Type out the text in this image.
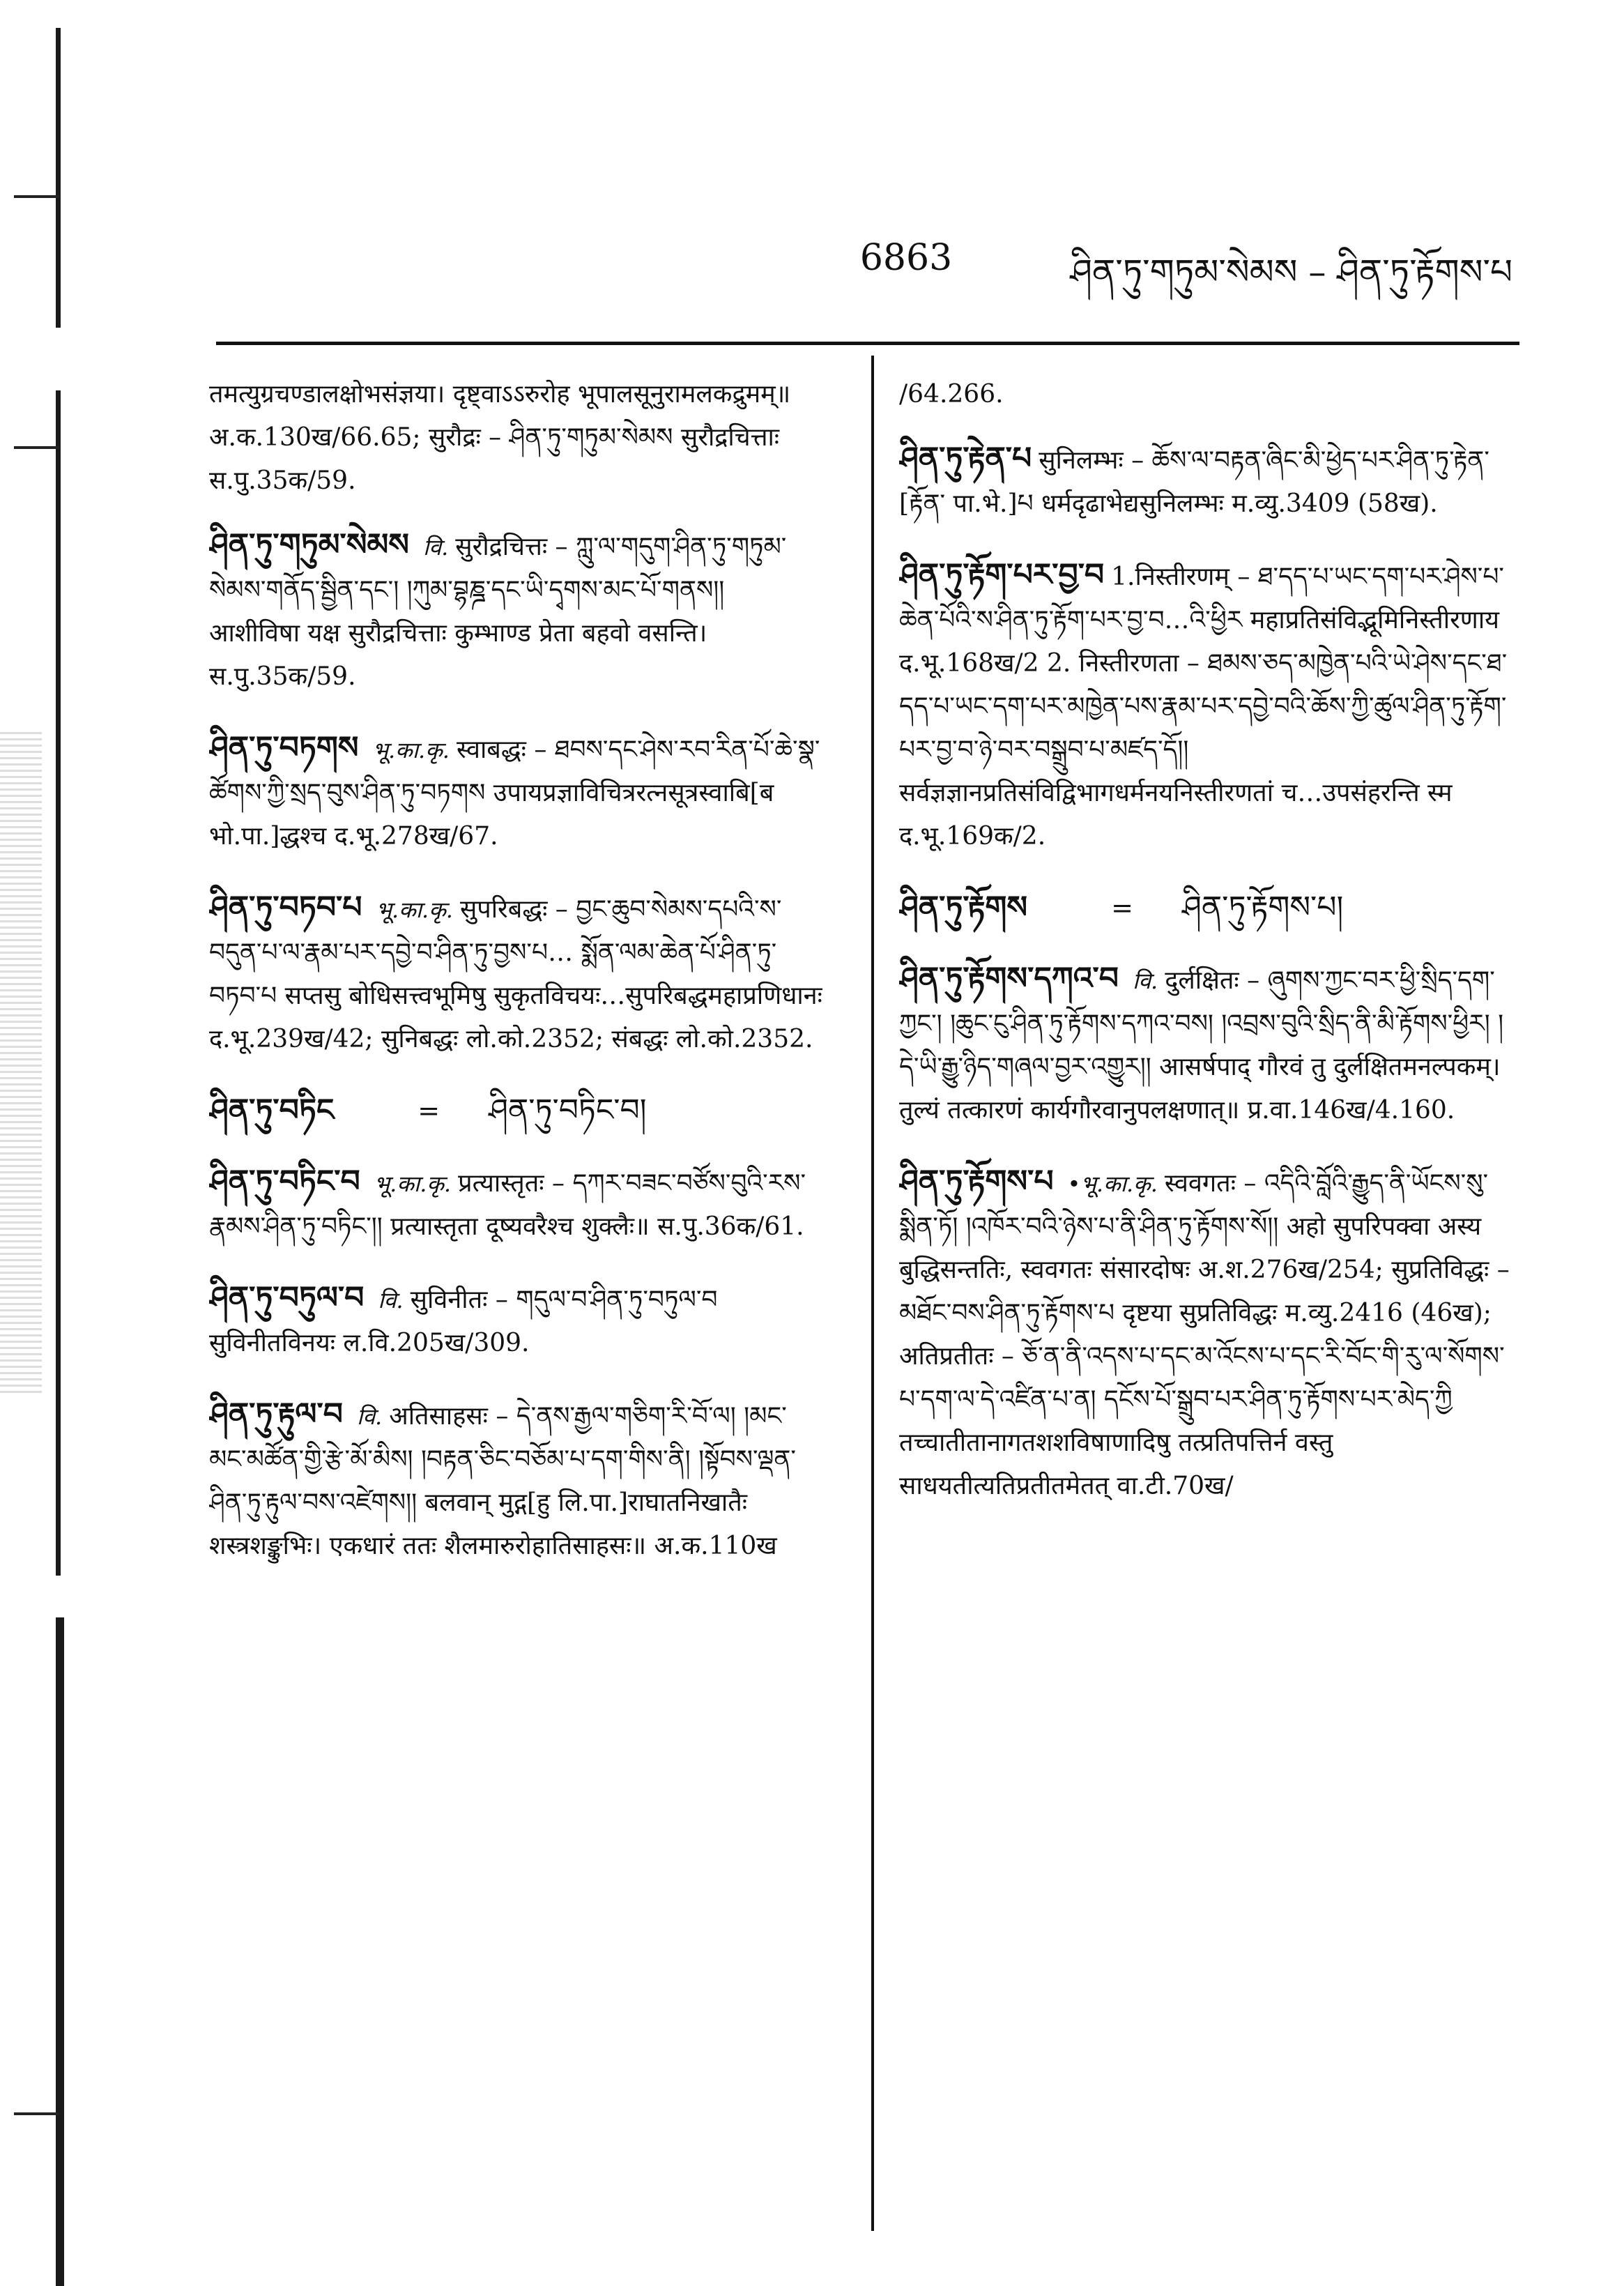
6863	ཤིན་ཏུ་གཏུམ་སེམས – ཤིན་ཏུ་རྟོགས་པ

तमत्युग्रचण्डालक्षोभसंज्ञया। दृष्ट्वाऽऽरुरोह भूपालसूनुरामलकद्रुमम्॥ अ.क.130ख/66.65; सुरौद्रः – ཤིན་ཏུ་གཏུམ་སེམས सुरौद्रचित्ताः स.पु.35क/59.

ཤིན་ཏུ་གཏུམ་སེམས वि. सुरौद्रचित्तः – ཀླུ་ལ་གདུག་ཤིན་ཏུ་གཏུམ་སེམས་གནོད་སྦྱིན་དང་། །ཀུམ་བྷཎྜ་དང་ཡི་དྭགས་མང་པོ་གནས།། आशीविषा यक्ष सुरौद्रचित्ताः कुम्भाण्ड प्रेता बहवो वसन्ति। स.पु.35क/59.

ཤིན་ཏུ་བཏགས भू.का.कृ. स्वाबद्धः – ཐབས་དང་ཤེས་རབ་རིན་པོ་ཆེ་སྣ་ཚོགས་ཀྱི་སྲད་བུས་ཤིན་ཏུ་བཏགས उपायप्रज्ञाविचित्ररत्नसूत्रस्वाबि[ब भो.पा.]द्धश्च द.भू.278ख/67.

ཤིན་ཏུ་བཏབ་པ भू.का.कृ. सुपरिबद्धः – བྱང་ཆུབ་སེམས་དཔའི་ས་བདུན་པ་ལ་རྣམ་པར་དབྱེ་བ་ཤིན་ཏུ་བྱས་པ… སྨོན་ལམ་ཆེན་པོ་ཤིན་ཏུ་བཏབ་པ सप्तसु बोधिसत्त्वभूमिषु सुकृतविचयः…सुपरिबद्धमहाप्रणिधानः द.भू.239ख/42; सुनिबद्धः लो.को.2352; संबद्धः लो.को.2352.

ཤིན་ཏུ་བཏིང	= ཤིན་ཏུ་བཏིང་བ།

ཤིན་ཏུ་བཏིང་བ भू.का.कृ. प्रत्यास्तृतः – དཀར་བཟང་བཙོས་བུའི་རས་རྣམས་ཤིན་ཏུ་བཏིང་།། प्रत्यास्तृता दूष्यवरैश्च शुक्लैः॥ स.पु.36क/61.

ཤིན་ཏུ་བཏུལ་བ वि. सुविनीतः – གདུལ་བ་ཤིན་ཏུ་བཏུལ་བ सुविनीतविनयः ल.वि.205ख/309.

ཤིན་ཏུ་རྟུལ་བ वि. अतिसाहसः – དེ་ནས་རྒྱལ་གཅིག་རི་བོ་ལ། །མང་མང་མཚོན་གྱི་རྩེ་མོ་མིས། །བརྟན་ཅིང་བཅོམ་པ་དག་གིས་ནི། །སྟོབས་ལྡན་ཤིན་ཏུ་རྟུལ་བས་འཛེགས།། बलवान् मुद्ग[हु लि.पा.]राघातनिखातैः शस्त्रशङ्कुभिः। एकधारं ततः शैलमारुरोहातिसाहसः॥ अ.क.110ख

/64.266.

ཤིན་ཏུ་རྟེན་པ सुनिलम्भः – ཆོས་ལ་བརྟན་ཞིང་མི་ཕྱེད་པར་ཤིན་ཏུ་རྟེན་[རྟོན་ पा.भे.]པ धर्मदृढाभेद्यसुनिलम्भः म.व्यु.3409 (58ख).

ཤིན་ཏུ་རྟོག་པར་བྱ་བ 1.निस्तीरणम् – ཐ་དད་པ་ཡང་དག་པར་ཤེས་པ་ཆེན་པོའི་ས་ཤིན་ཏུ་རྟོག་པར་བྱ་བ…འི་ཕྱིར महाप्रतिसंविद्भूमिनिस्तीरणाय द.भू.168ख/2 2. निस्तीरणता – ཐམས་ཅད་མཁྱེན་པའི་ཡེ་ཤེས་དང་ཐ་དད་པ་ཡང་དག་པར་མཁྱེན་པས་རྣམ་པར་དབྱེ་བའི་ཆོས་ཀྱི་ཚུལ་ཤིན་ཏུ་རྟོག་པར་བྱ་བ་ཉེ་བར་བསྒྲུབ་པ་མཛད་དོ།། सर्वज्ञज्ञानप्रतिसंविद्विभागधर्मनयनिस्तीरणतां च…उपसंहरन्ति स्म द.भू.169क/2.

ཤིན་ཏུ་རྟོགས	= ཤིན་ཏུ་རྟོགས་པ།

ཤིན་ཏུ་རྟོགས་དཀའ་བ वि. दुर्लक्षितः – ཞུགས་ཀྱང་བར་ཕྱི་སྲིད་དག་ཀྱང་། །ཆུང་ངུ་ཤིན་ཏུ་རྟོགས་དཀའ་བས། །འབྲས་བུའི་སྲིད་ནི་མི་རྟོགས་ཕྱིར། །དེ་ཡི་རྒྱུ་ཉིད་གཞལ་བྱར་འགྱུར།། आसर्षपाद् गौरवं तु दुर्लक्षितमनल्पकम्। तुल्यं तत्कारणं कार्यगौरवानुपलक्षणात्॥ प्र.वा.146ख/4.160.

ཤིན་ཏུ་རྟོགས་པ •भू.का.कृ. स्ववगतः – འདིའི་བློའི་རྒྱུད་ནི་ཡོངས་སུ་སྨིན་ཏོ། །འཁོར་བའི་ཉེས་པ་ནི་ཤིན་ཏུ་རྟོགས་སོ།། अहो सुपरिपक्वा अस्य बुद्धिसन्ततिः, स्ववगतः संसारदोषः अ.श.276ख/254; सुप्रतिविद्धः – མཐོང་བས་ཤིན་ཏུ་རྟོགས་པ दृष्टया सुप्रतिविद्धः म.व्यु.2416 (46ख); अतिप्रतीतः – ཅོ་ན་ནི་འདས་པ་དང་མ་འོངས་པ་དང་རི་བོང་གི་རུ་ལ་སོགས་པ་དག་ལ་དེ་འཛིན་པ་ན། དངོས་པོ་སྒྲུབ་པར་ཤིན་ཏུ་རྟོགས་པར་མེད་ཀྱི तच्चातीतानागतशशविषाणादिषु तत्प्रतिपत्तिर्न वस्तु साधयतीत्यतिप्रतीतमेतत् वा.टी.70ख/
